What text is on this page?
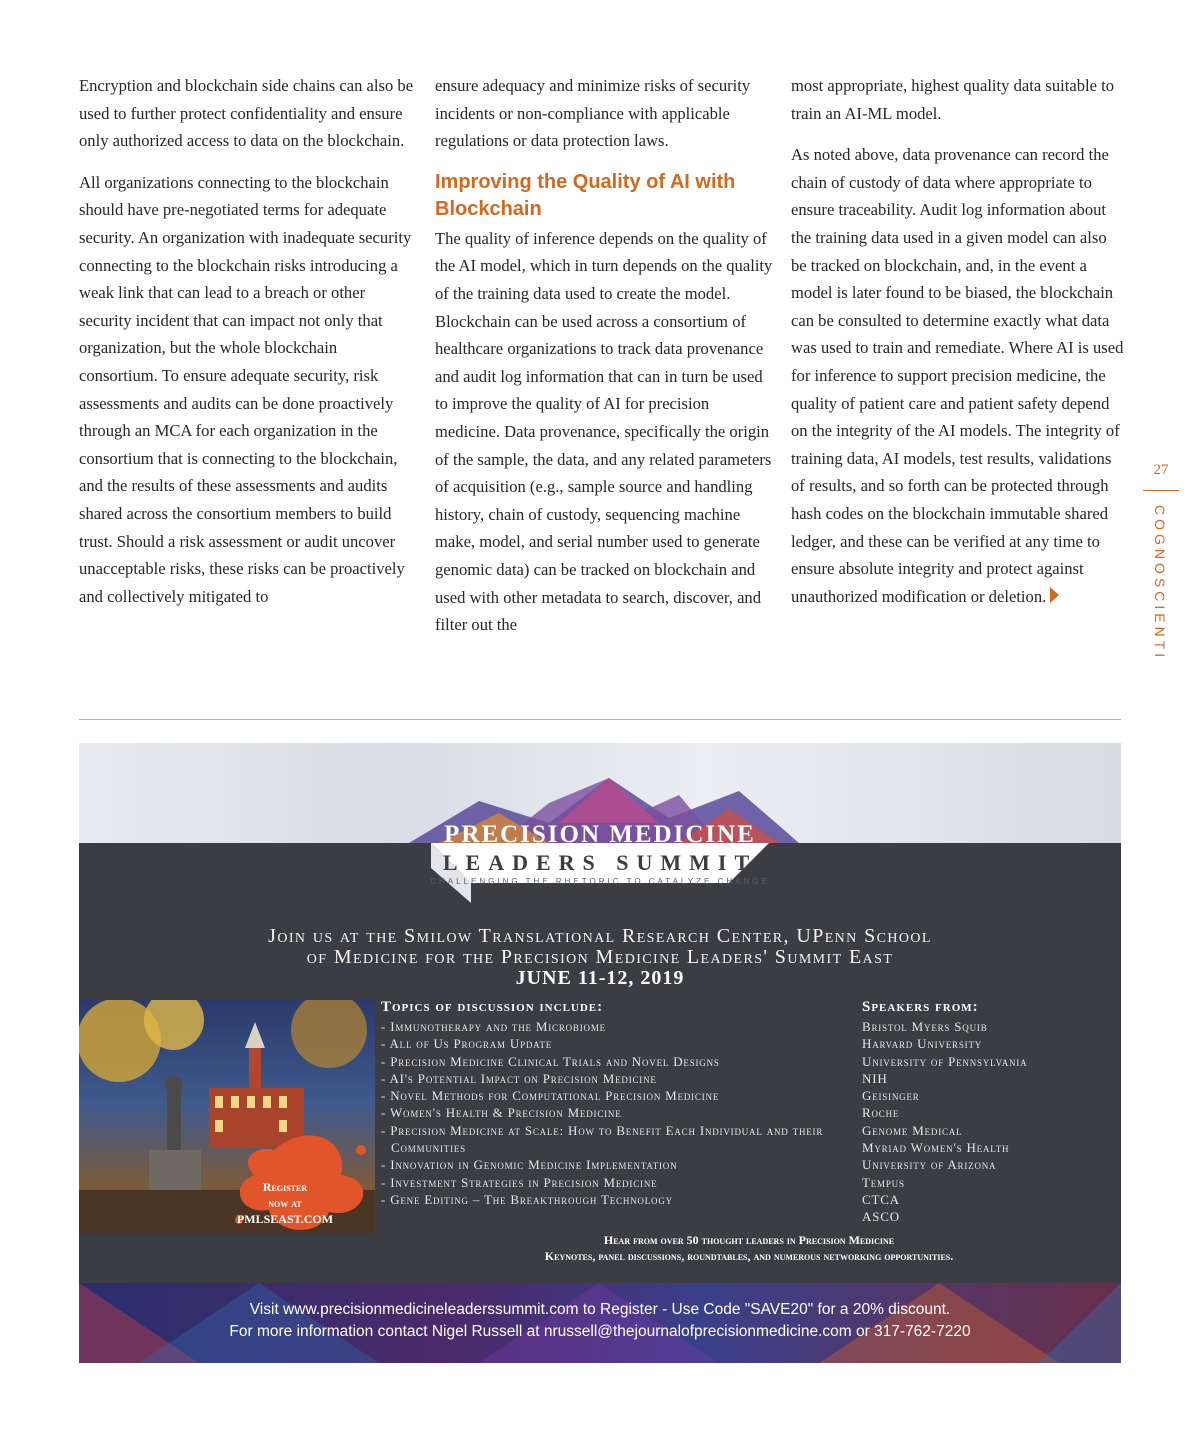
Encryption and blockchain side chains can also be used to further protect confidentiality and ensure only authorized access to data on the blockchain.

All organizations connecting to the blockchain should have pre-negotiated terms for adequate security. An organization with inadequate security connecting to the blockchain risks introducing a weak link that can lead to a breach or other security incident that can impact not only that organization, but the whole blockchain consortium. To ensure adequate security, risk assessments and audits can be done proactively through an MCA for each organization in the consortium that is connecting to the blockchain, and the results of these assessments and audits shared across the consortium members to build trust. Should a risk assessment or audit uncover unacceptable risks, these risks can be proactively and collectively mitigated to

ensure adequacy and minimize risks of security incidents or non-compliance with applicable regulations or data protection laws.

Improving the Quality of AI with Blockchain

The quality of inference depends on the quality of the AI model, which in turn depends on the quality of the training data used to create the model. Blockchain can be used across a consortium of healthcare organizations to track data provenance and audit log information that can in turn be used to improve the quality of AI for precision medicine. Data provenance, specifically the origin of the sample, the data, and any related parameters of acquisition (e.g., sample source and handling history, chain of custody, sequencing machine make, model, and serial number used to generate genomic data) can be tracked on blockchain and used with other metadata to search, discover, and filter out the

most appropriate, highest quality data suitable to train an AI-ML model.

As noted above, data provenance can record the chain of custody of data where appropriate to ensure traceability. Audit log information about the training data used in a given model can also be tracked on blockchain, and, in the event a model is later found to be biased, the blockchain can be consulted to determine exactly what data was used to train and remediate. Where AI is used for inference to support precision medicine, the quality of patient care and patient safety depend on the integrity of the AI models. The integrity of training data, AI models, test results, validations of results, and so forth can be protected through hash codes on the blockchain immutable shared ledger, and these can be verified at any time to ensure absolute integrity and protect against unauthorized modification or deletion.

27
COGNOSCIENTI
PRECISION MEDICINE
LEADERS SUMMIT
CHALLENGING THE RHETORIC TO CATALYZE CHANGE
Join us at the Smilow Translational Research Center, UPenn School
of Medicine for the Precision Medicine Leaders' Summit East
JUNE 11-12, 2019
Register
now at
PMLSEAST.COM
Topics of discussion include:
- Immunotherapy and the Microbiome
- All of Us Program Update
- Precision Medicine Clinical Trials and Novel Designs
- AI's Potential Impact on Precision Medicine
- Novel Methods for Computational Precision Medicine
- Women's Health & Precision Medicine
- Precision Medicine at Scale: How to Benefit Each Individual and their Communities
- Innovation in Genomic Medicine Implementation
- Investment Strategies in Precision Medicine
- Gene Editing – The Breakthrough Technology
Speakers from:
Bristol Myers Squib
Harvard University
University of Pennsylvania
NIH
Geisinger
Roche
Genome Medical
Myriad Women's Health
University of Arizona
Tempus
CTCA
ASCO
Hear from over 50 thought leaders in Precision Medicine
Keynotes, panel discussions, roundtables, and numerous networking opportunities.
Visit www.precisionmedicineleaderssummit.com to Register - Use Code "SAVE20" for a 20% discount.
For more information contact Nigel Russell at nrussell@thejournalofprecisionmedicine.com or 317-762-7220
